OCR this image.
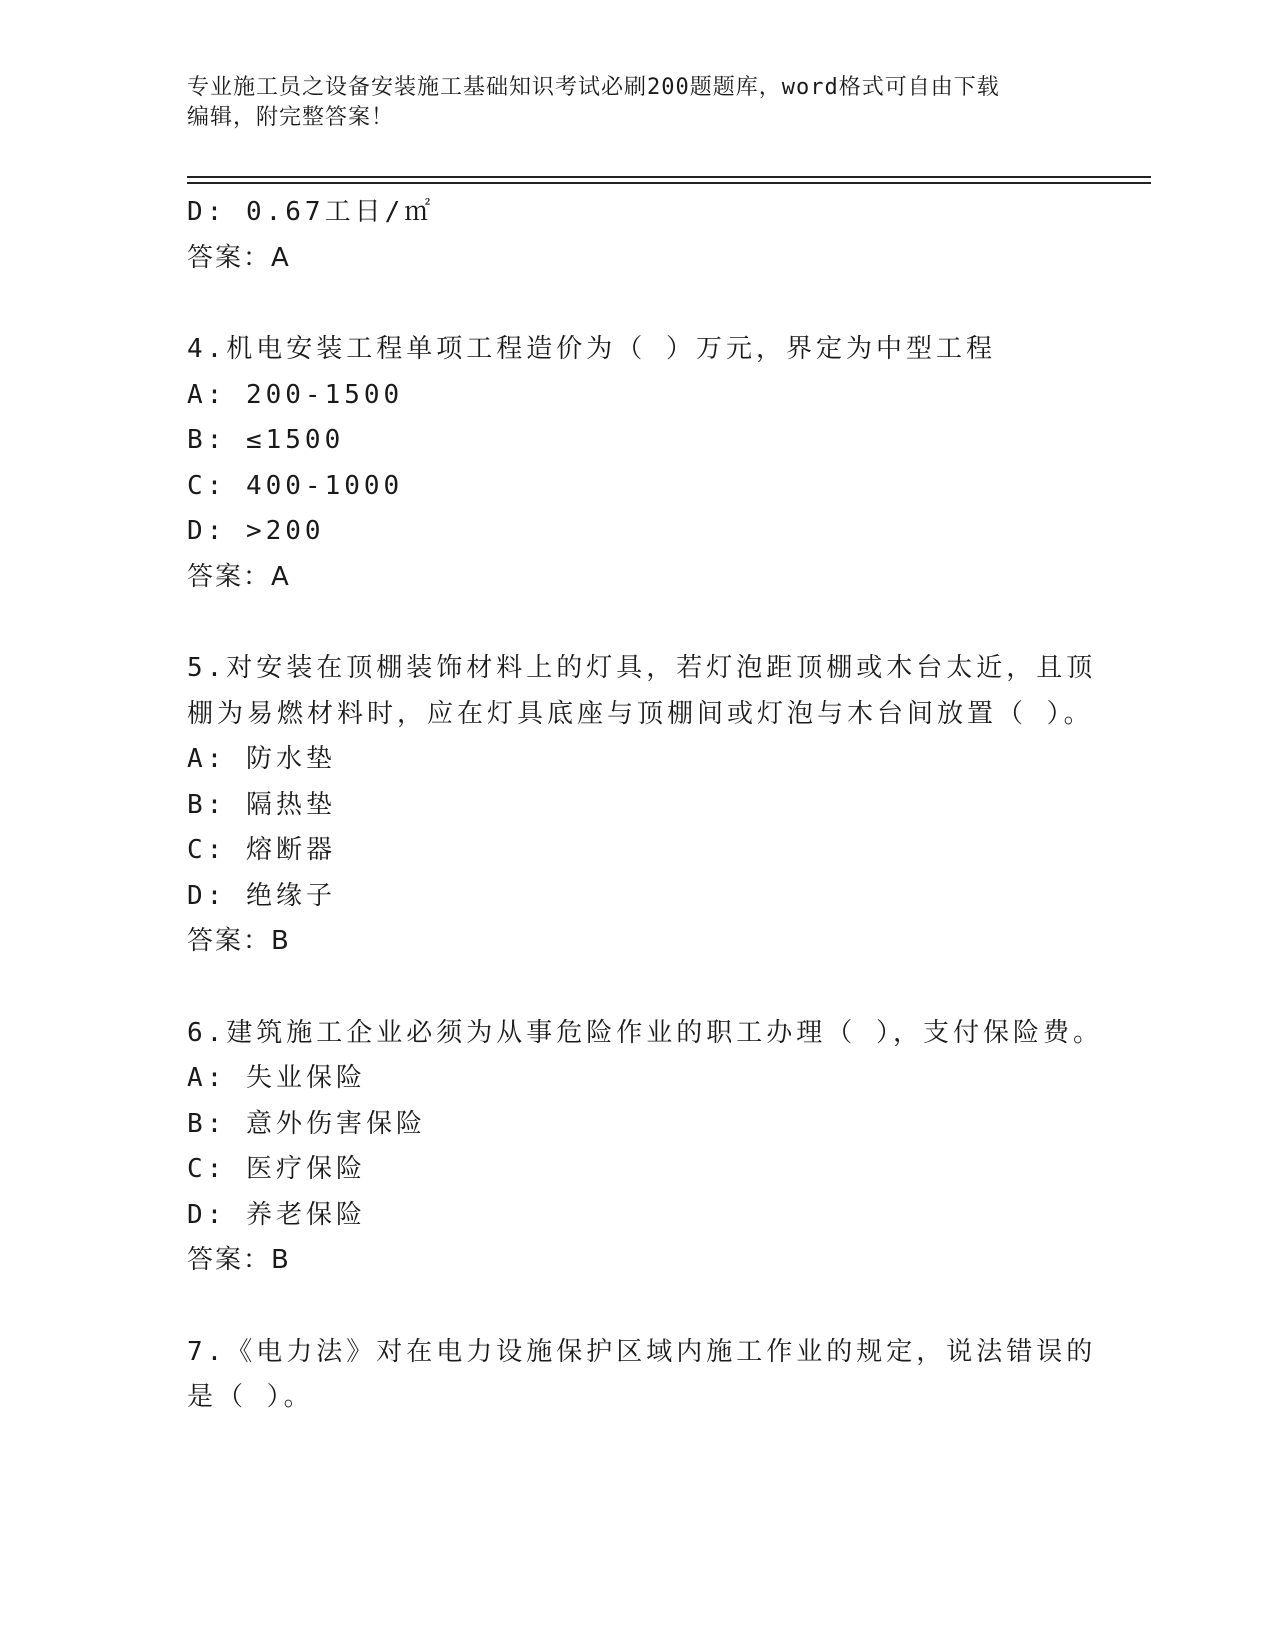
专业施工员之设备安装施工基础知识考试必刷200题题库，word格式可自由下载
编辑，附完整答案！
D: 0.67工日/㎡
答案：A
4.机电安装工程单项工程造价为（ ）万元，界定为中型工程
A: 200-1500
B: ≤1500
C: 400-1000
D: >200
答案：A
5.对安装在顶棚装饰材料上的灯具，若灯泡距顶棚或木台太近，且顶
棚为易燃材料时，应在灯具底座与顶棚间或灯泡与木台间放置（ ）。
A: 防水垫
B: 隔热垫
C: 熔断器
D: 绝缘子
答案：B
6.建筑施工企业必须为从事危险作业的职工办理（ ），支付保险费。
A: 失业保险
B: 意外伤害保险
C: 医疗保险
D: 养老保险
答案：B
7.《电力法》对在电力设施保护区域内施工作业的规定，说法错误的
是（ ）。
